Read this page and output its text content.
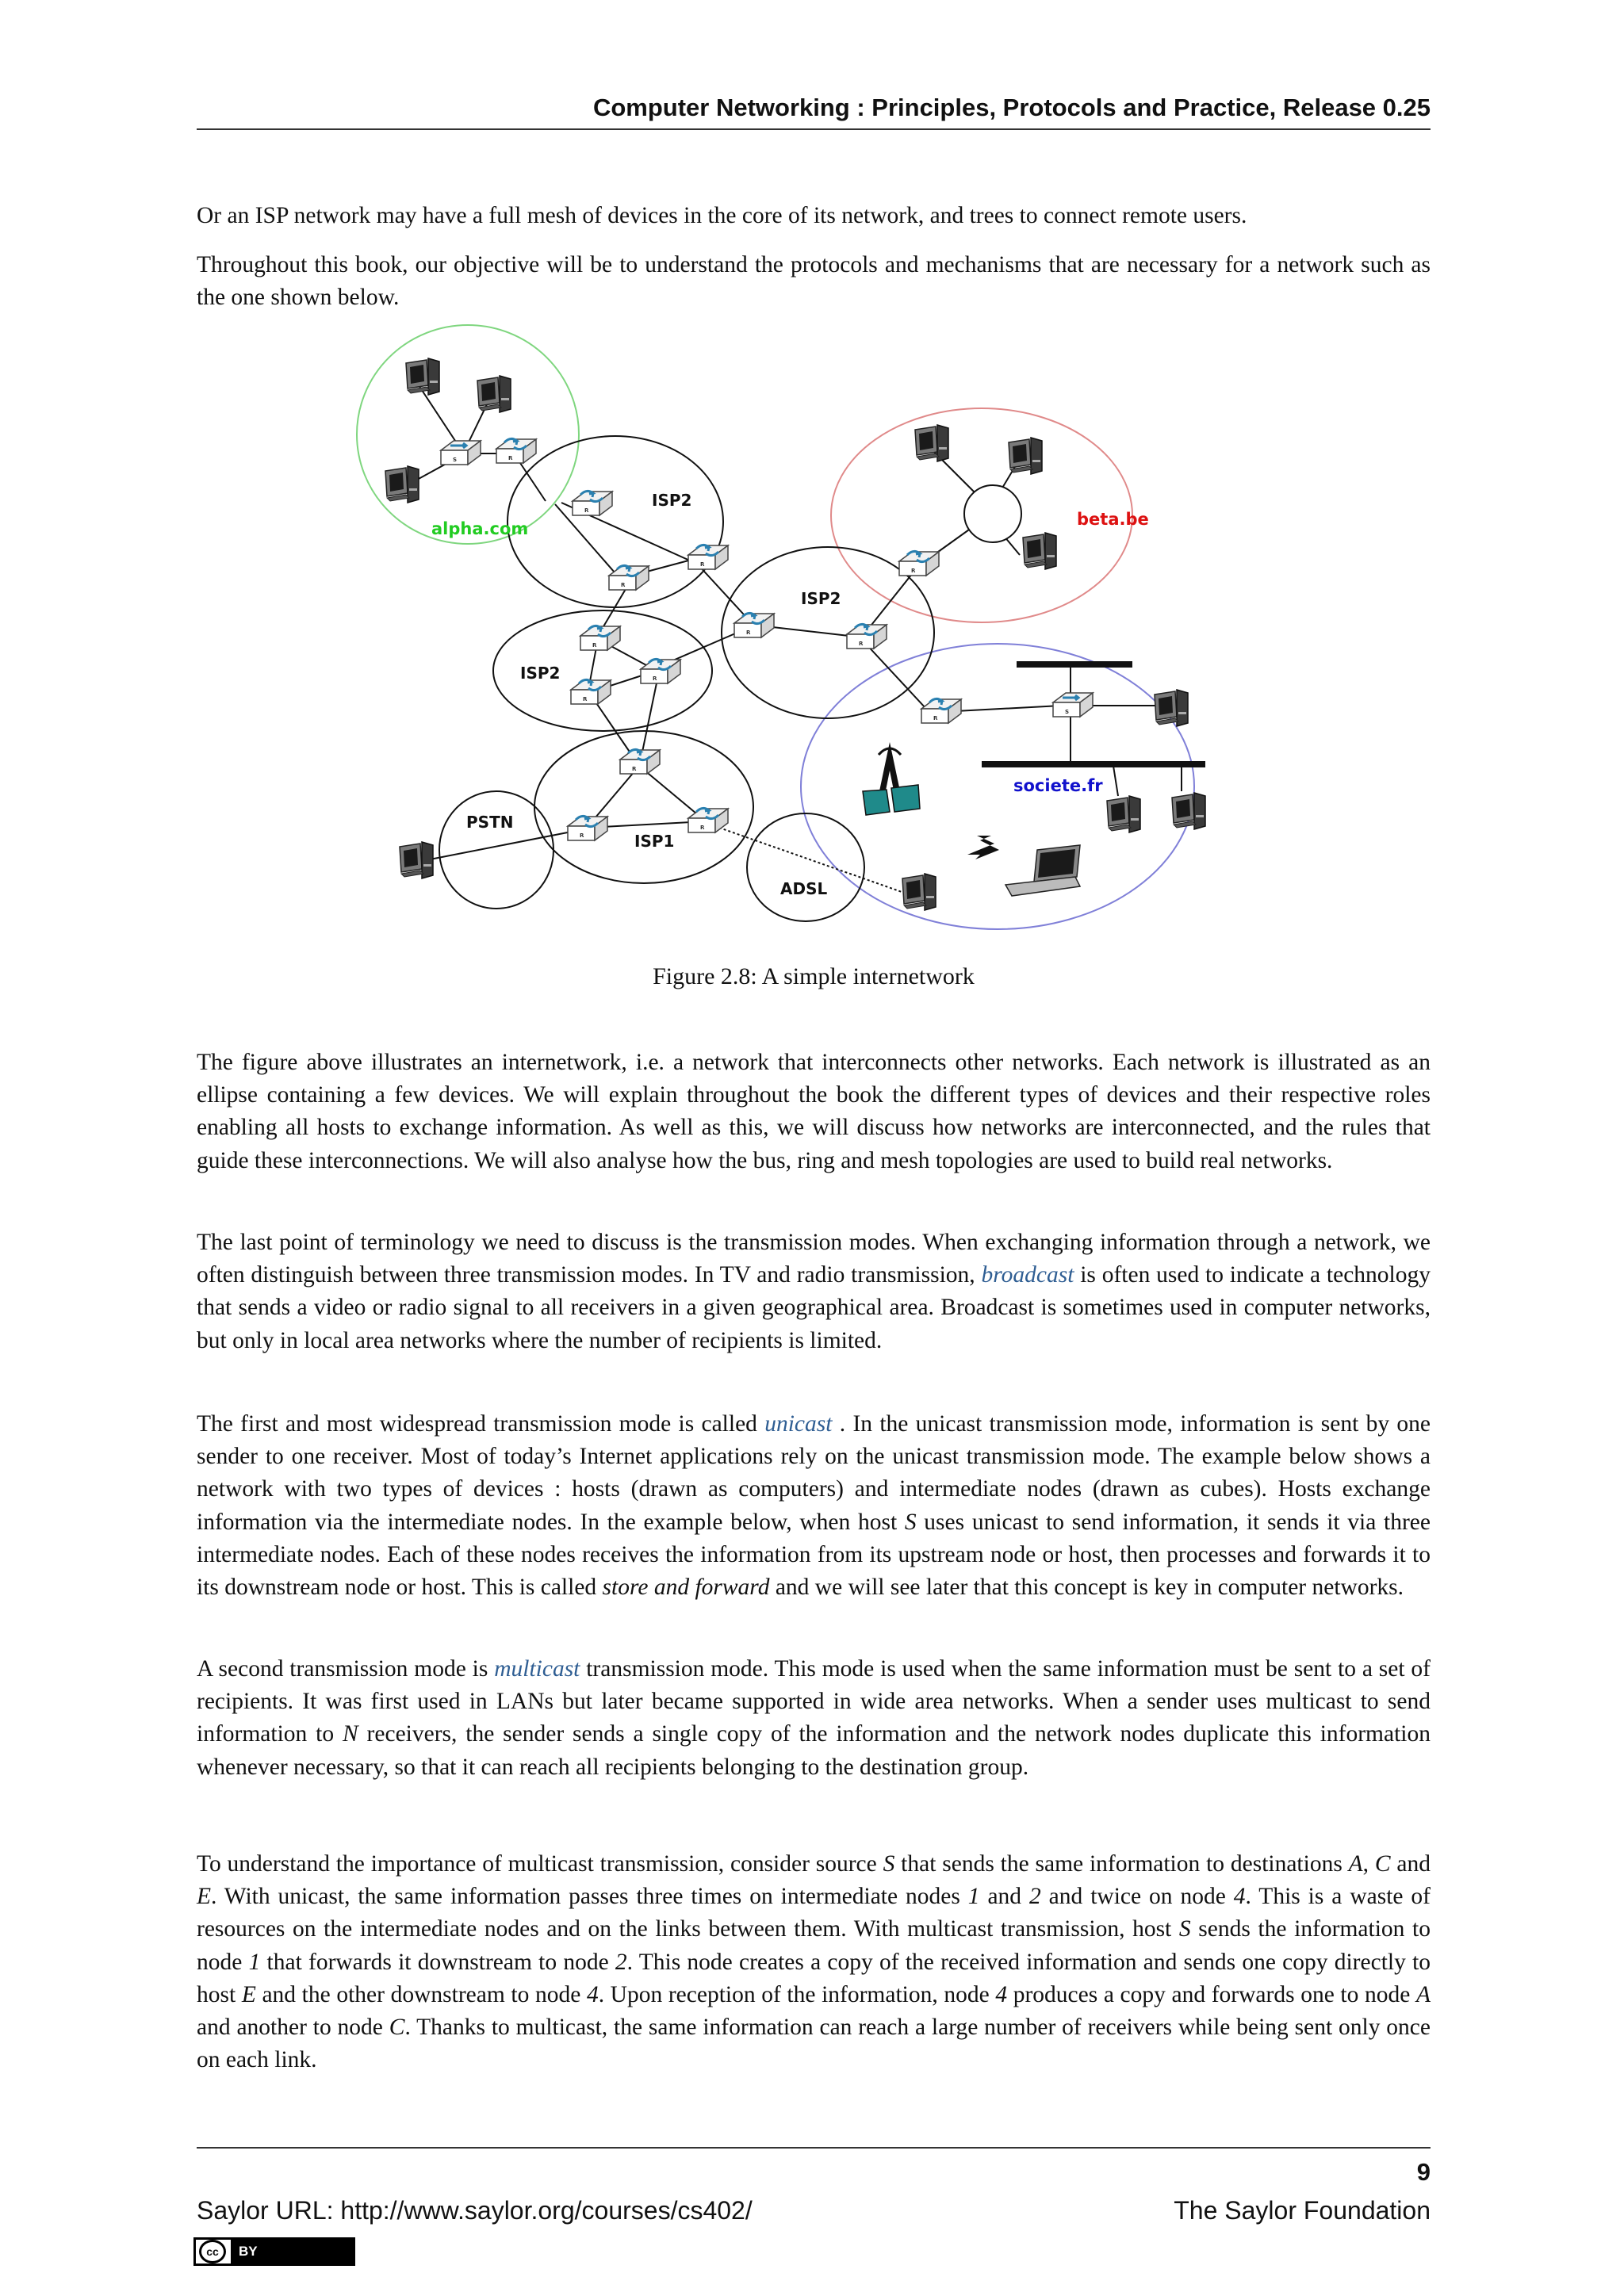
Computer Networking : Principles, Protocols and Practice, Release 0.25

Or an ISP network may have a full mesh of devices in the core of its network, and trees to connect remote users.

Throughout this book, our objective will be to understand the protocols and mechanisms that are necessary for a network such as the one shown below.

alpha.com	beta.be
societe.fr
ISP2
ISP2
ISP2
ISP1
PSTN
ADSL
Figure 2.8: A simple internetwork

The figure above illustrates an internetwork, i.e. a network that interconnects other networks. Each network is illustrated as an ellipse containing a few devices. We will explain throughout the book the different types of devices and their respective roles enabling all hosts to exchange information. As well as this, we will discuss how networks are interconnected, and the rules that guide these interconnections. We will also analyse how the bus, ring and mesh topologies are used to build real networks.

The last point of terminology we need to discuss is the transmission modes. When exchanging information through a network, we often distinguish between three transmission modes. In TV and radio transmission, broadcast is often used to indicate a technology that sends a video or radio signal to all receivers in a given geographical area. Broadcast is sometimes used in computer networks, but only in local area networks where the number of recipients is limited.

The first and most widespread transmission mode is called unicast . In the unicast transmission mode, information is sent by one sender to one receiver. Most of today’s Internet applications rely on the unicast transmission mode. The example below shows a network with two types of devices : hosts (drawn as computers) and intermediate nodes (drawn as cubes). Hosts exchange information via the intermediate nodes. In the example below, when host S uses unicast to send information, it sends it via three intermediate nodes. Each of these nodes receives the information from its upstream node or host, then processes and forwards it to its downstream node or host. This is called store and forward and we will see later that this concept is key in computer networks.

A second transmission mode is multicast transmission mode. This mode is used when the same information must be sent to a set of recipients. It was first used in LANs but later became supported in wide area networks. When a sender uses multicast to send information to N receivers, the sender sends a single copy of the information and the network nodes duplicate this information whenever necessary, so that it can reach all recipients belonging to the destination group.

To understand the importance of multicast transmission, consider source S that sends the same information to destinations A, C and E. With unicast, the same information passes three times on intermediate nodes 1 and 2 and twice on node 4. This is a waste of resources on the intermediate nodes and on the links between them. With multicast transmission, host S sends the information to node 1 that forwards it downstream to node 2. This node creates a copy of the received information and sends one copy directly to host E and the other downstream to node 4. Upon reception of the information, node 4 produces a copy and forwards one to node A and another to node C. Thanks to multicast, the same information can reach a large number of receivers while being sent only once on each link.

9
Saylor URL: http://www.saylor.org/courses/cs402/	The Saylor Foundation
cc	BY
